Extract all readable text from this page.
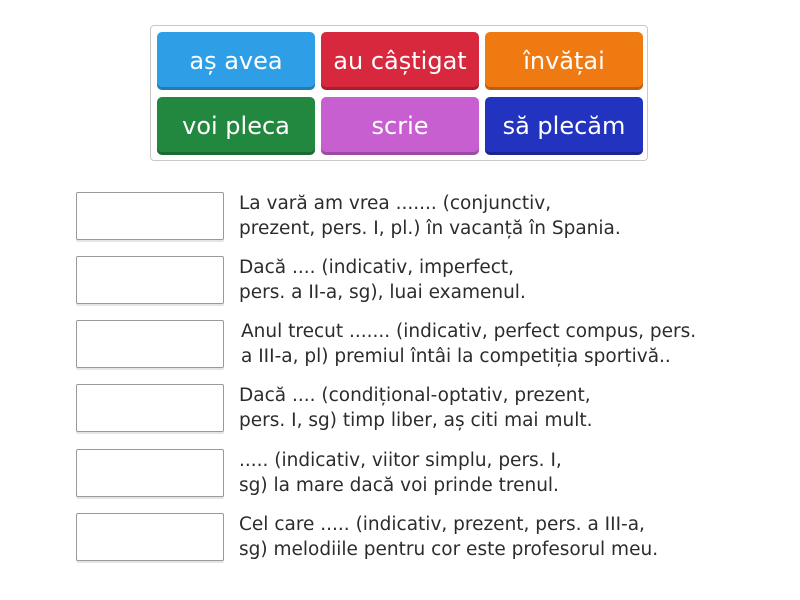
aș avea	au câștigat	învățai
voi pleca	scrie	să plecăm
La vară am vrea ....... (conjunctiv,
prezent, pers. I, pl.) în vacanță în Spania.
Dacă .... (indicativ, imperfect,
pers. a II-a, sg), luai examenul.
Anul trecut ....... (indicativ, perfect compus, pers.
a III-a, pl) premiul întâi la competiția sportivă..
Dacă .... (condițional-optativ, prezent,
pers. I, sg) timp liber, aș citi mai mult.
..... (indicativ, viitor simplu, pers. I,
sg) la mare dacă voi prinde trenul.
Cel care ..... (indicativ, prezent, pers. a III-a,
sg) melodiile pentru cor este profesorul meu.
